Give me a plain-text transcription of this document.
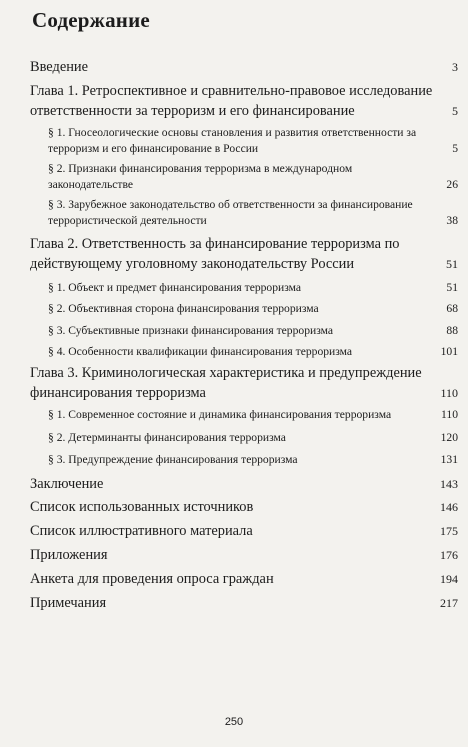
Содержание
Введение	3
Глава 1. Ретроспективное и сравнительно-правовое исследование ответственности за терроризм и его финансирование	5
§ 1. Гносеологические основы становления и развития ответственности за терроризм и его финансирование в России	5
§ 2. Признаки финансирования терроризма в международном законодательстве	26
§ 3. Зарубежное законодательство об ответственности за финансирование террористической деятельности	38
Глава 2. Ответственность за финансирование терроризма по действующему уголовному законодательству России	51
§ 1. Объект и предмет финансирования терроризма	51
§ 2. Объективная сторона финансирования терроризма	68
§ 3. Субъективные признаки финансирования терроризма	88
§ 4. Особенности квалификации финансирования терроризма	101
Глава 3. Криминологическая характеристика и предупреждение финансирования терроризма	110
§ 1. Современное состояние и динамика финансирования терроризма	110
§ 2. Детерминанты финансирования терроризма	120
§ 3. Предупреждение финансирования терроризма	131
Заключение	143
Список использованных источников	146
Список иллюстративного материала	175
Приложения	176
Анкета для проведения опроса граждан	194
Примечания	217
250
